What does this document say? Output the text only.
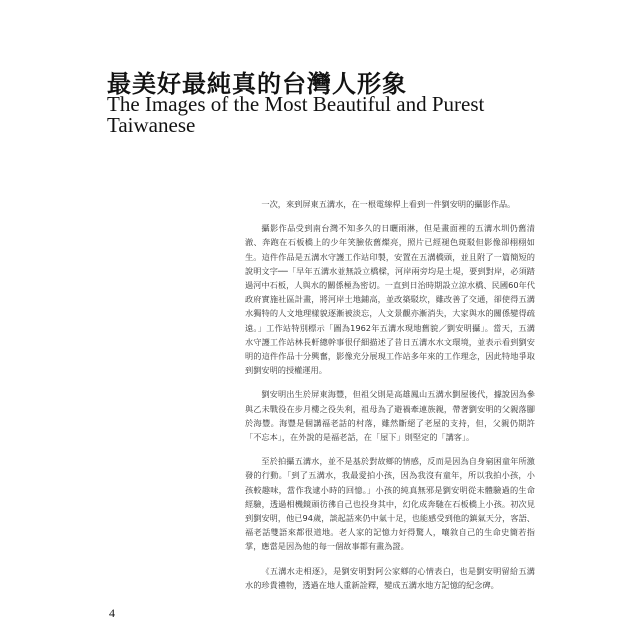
最美好最純真的台灣人形象
The Images of the Most Beautiful and Purest Taiwanese

一次，來到屏東五溝水，在一根電線桿上看到一件劉安明的攝影作品。

攝影作品受到南台灣不知多久的日曬雨淋，但是畫面裡的五溝水圳仍舊清澈、奔跑在石板橋上的少年笑臉依舊燦亮，照片已經褪色斑駁但影像卻栩栩如生。這件作品是五溝水守護工作站印製，安置在五溝橋頭，並且附了一篇簡短的說明文字──「早年五溝水並無設立橋樑，河岸兩旁均是土堤，要到對岸，必須踏過河中石板，人與水的關係極為密切。一直到日治時期設立涼水橋、民國60年代政府實施社區計畫，將河岸土地鋪高，並改築駁坎，雖改善了交通，卻使得五溝水獨特的人文地理樣貌逐漸被淡忘，人文景觀亦漸消失，大家與水的關係變得疏遠。」工作站特別標示「圖為1962年五溝水現地舊貌／劉安明攝」。當天，五溝水守護工作站林長軒總幹事很仔細描述了昔日五溝水水文環境，並表示看到劉安明的這件作品十分興奮，影像充分展現工作站多年來的工作理念，因此特地爭取到劉安明的授權運用。

劉安明出生於屏東海豐，但祖父則是高雄鳳山五溝水劉屋後代，據說因為參與乙未戰役在步月樓之役失利，祖母為了避禍牽連族親，帶著劉安明的父親落腳於海豐。海豐是個講福老話的村落，雖然斷絕了老屋的支持，但，父親仍期許「不忘本」，在外說的是福老話，在「屋下」則堅定的「講客」。

至於拍攝五溝水，並不是基於對故鄉的情感，反而是因為自身窮困童年所激發的行動。「到了五溝水，我最愛拍小孩，因為我沒有童年，所以我拍小孩，小孩較趣味，當作我逮小時的回憶。」小孩的純真無邪是劉安明從未體驗過的生命經驗，透過相機鏡頭彷彿自己也投身其中，幻化成奔馳在石板橋上小孩。初次見到劉安明，他已94歲，談起話來仍中氣十足，也能感受到他的鎮氣天分，客語、福老話雙語來都很道地。老人家的記憶力好得驚人，嚷敘自己的生命史簡若指掌，應當是因為他的每一個故事都有畫為證。

《五溝水走相逐》，是劉安明對阿公家鄉的心情表白，也是劉安明留給五溝水的珍貴禮物，透過在地人重新詮釋，變成五溝水地方記憶的紀念碑。

4
